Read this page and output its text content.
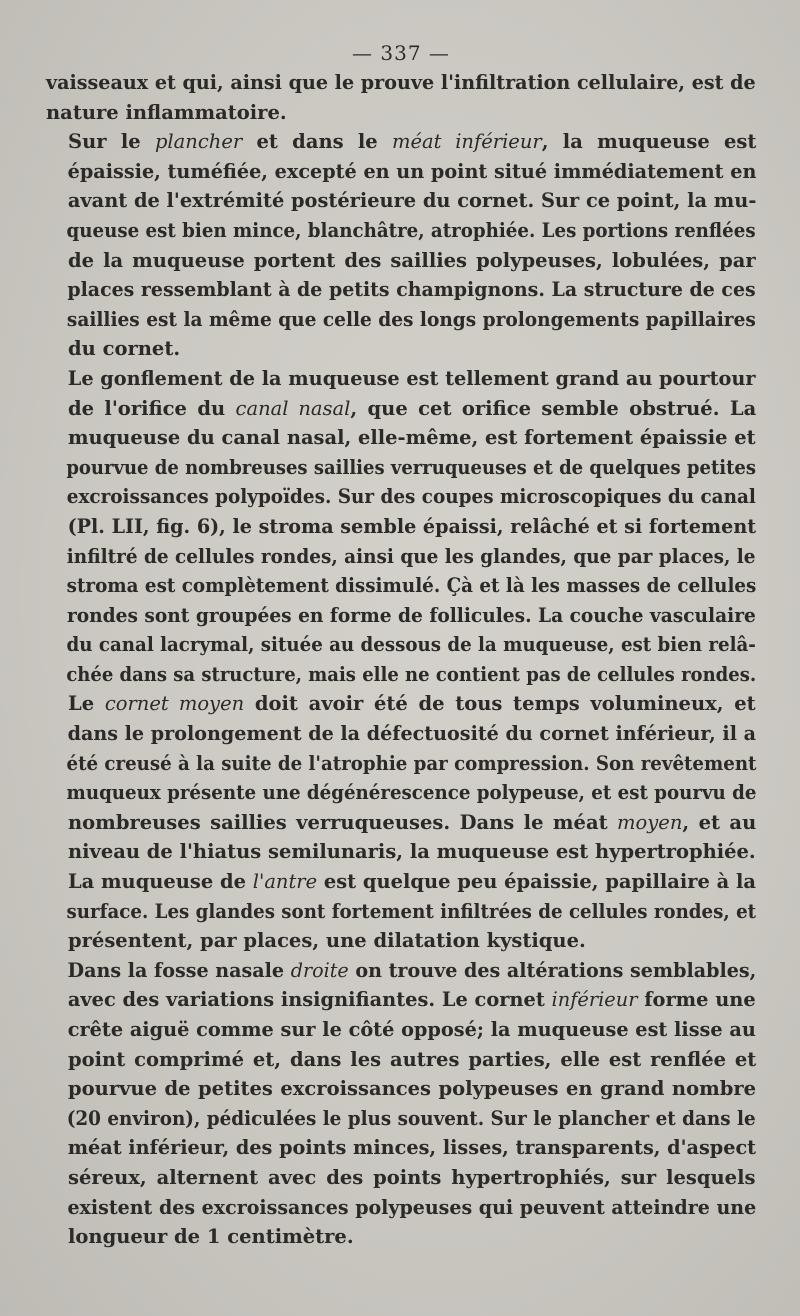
— 337 —

vaisseaux et qui, ainsi que le prouve l'infiltration cellulaire, est de
nature inflammatoire.

Sur le plancher et dans le méat inférieur, la muqueuse est
épaissie, tuméfiée, excepté en un point situé immédiatement en
avant de l'extrémité postérieure du cornet. Sur ce point, la mu-
queuse est bien mince, blanchâtre, atrophiée. Les portions renflées
de la muqueuse portent des saillies polypeuses, lobulées, par
places ressemblant à de petits champignons. La structure de ces
saillies est la même que celle des longs prolongements papillaires
du cornet.

Le gonflement de la muqueuse est tellement grand au pourtour
de l'orifice du canal nasal, que cet orifice semble obstrué. La
muqueuse du canal nasal, elle-même, est fortement épaissie et
pourvue de nombreuses saillies verruqueuses et de quelques petites
excroissances polypoïdes. Sur des coupes microscopiques du canal
(Pl. LII, fig. 6), le stroma semble épaissi, relâché et si fortement
infiltré de cellules rondes, ainsi que les glandes, que par places, le
stroma est complètement dissimulé. Çà et là les masses de cellules
rondes sont groupées en forme de follicules. La couche vasculaire
du canal lacrymal, située au dessous de la muqueuse, est bien relâ-
chée dans sa structure, mais elle ne contient pas de cellules rondes.

Le cornet moyen doit avoir été de tous temps volumineux, et
dans le prolongement de la défectuosité du cornet inférieur, il a
été creusé à la suite de l'atrophie par compression. Son revêtement
muqueux présente une dégénérescence polypeuse, et est pourvu de
nombreuses saillies verruqueuses. Dans le méat moyen, et au
niveau de l'hiatus semilunaris, la muqueuse est hypertrophiée.

La muqueuse de l'antre est quelque peu épaissie, papillaire à la
surface. Les glandes sont fortement infiltrées de cellules rondes, et
présentent, par places, une dilatation kystique.

Dans la fosse nasale droite on trouve des altérations semblables,
avec des variations insignifiantes. Le cornet inférieur forme une
crête aiguë comme sur le côté opposé; la muqueuse est lisse au
point comprimé et, dans les autres parties, elle est renflée et
pourvue de petites excroissances polypeuses en grand nombre
(20 environ), pédiculées le plus souvent. Sur le plancher et dans le
méat inférieur, des points minces, lisses, transparents, d'aspect
séreux, alternent avec des points hypertrophiés, sur lesquels
existent des excroissances polypeuses qui peuvent atteindre une
longueur de 1 centimètre.
